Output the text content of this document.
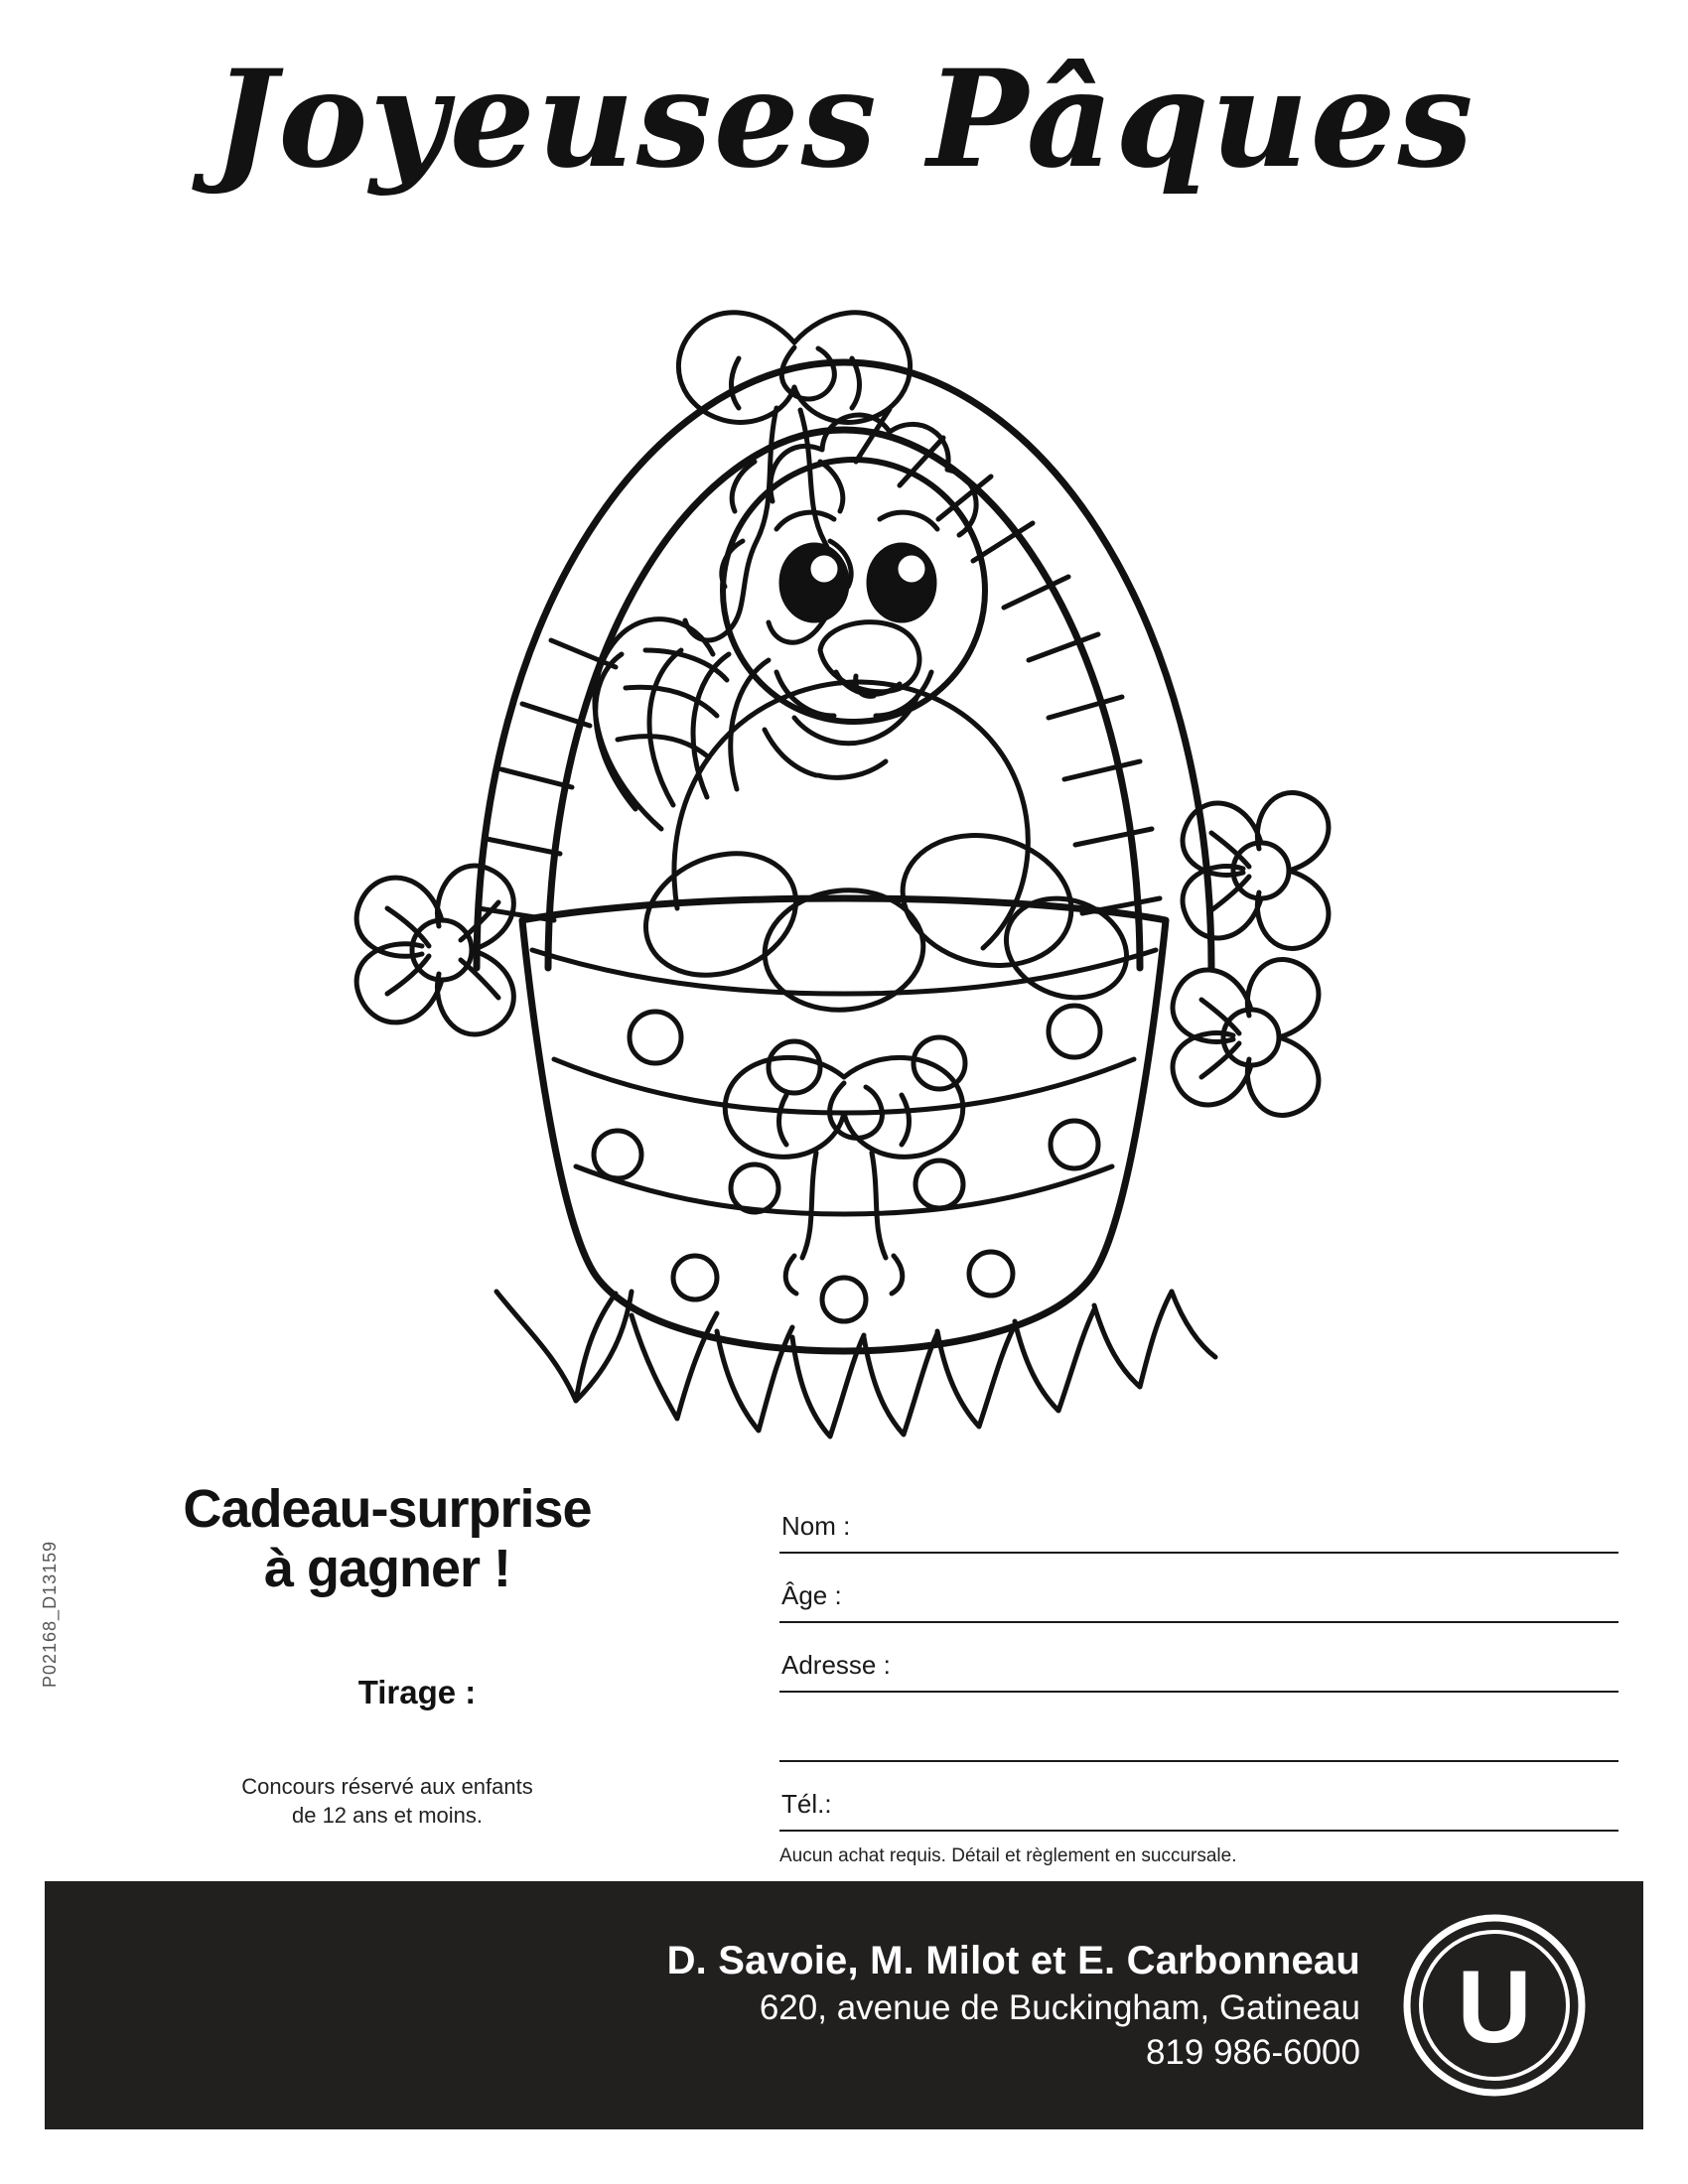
Joyeuses Pâques
Cadeau-surprise
à gagner !
Tirage :
Concours réservé aux enfants
de 12 ans et moins.
P02168_D13159
Nom :
Âge :
Adresse :
Tél.:
Aucun achat requis. Détail et règlement en succursale.
D. Savoie, M. Milot et E. Carbonneau
620, avenue de Buckingham, Gatineau
819 986-6000 U
